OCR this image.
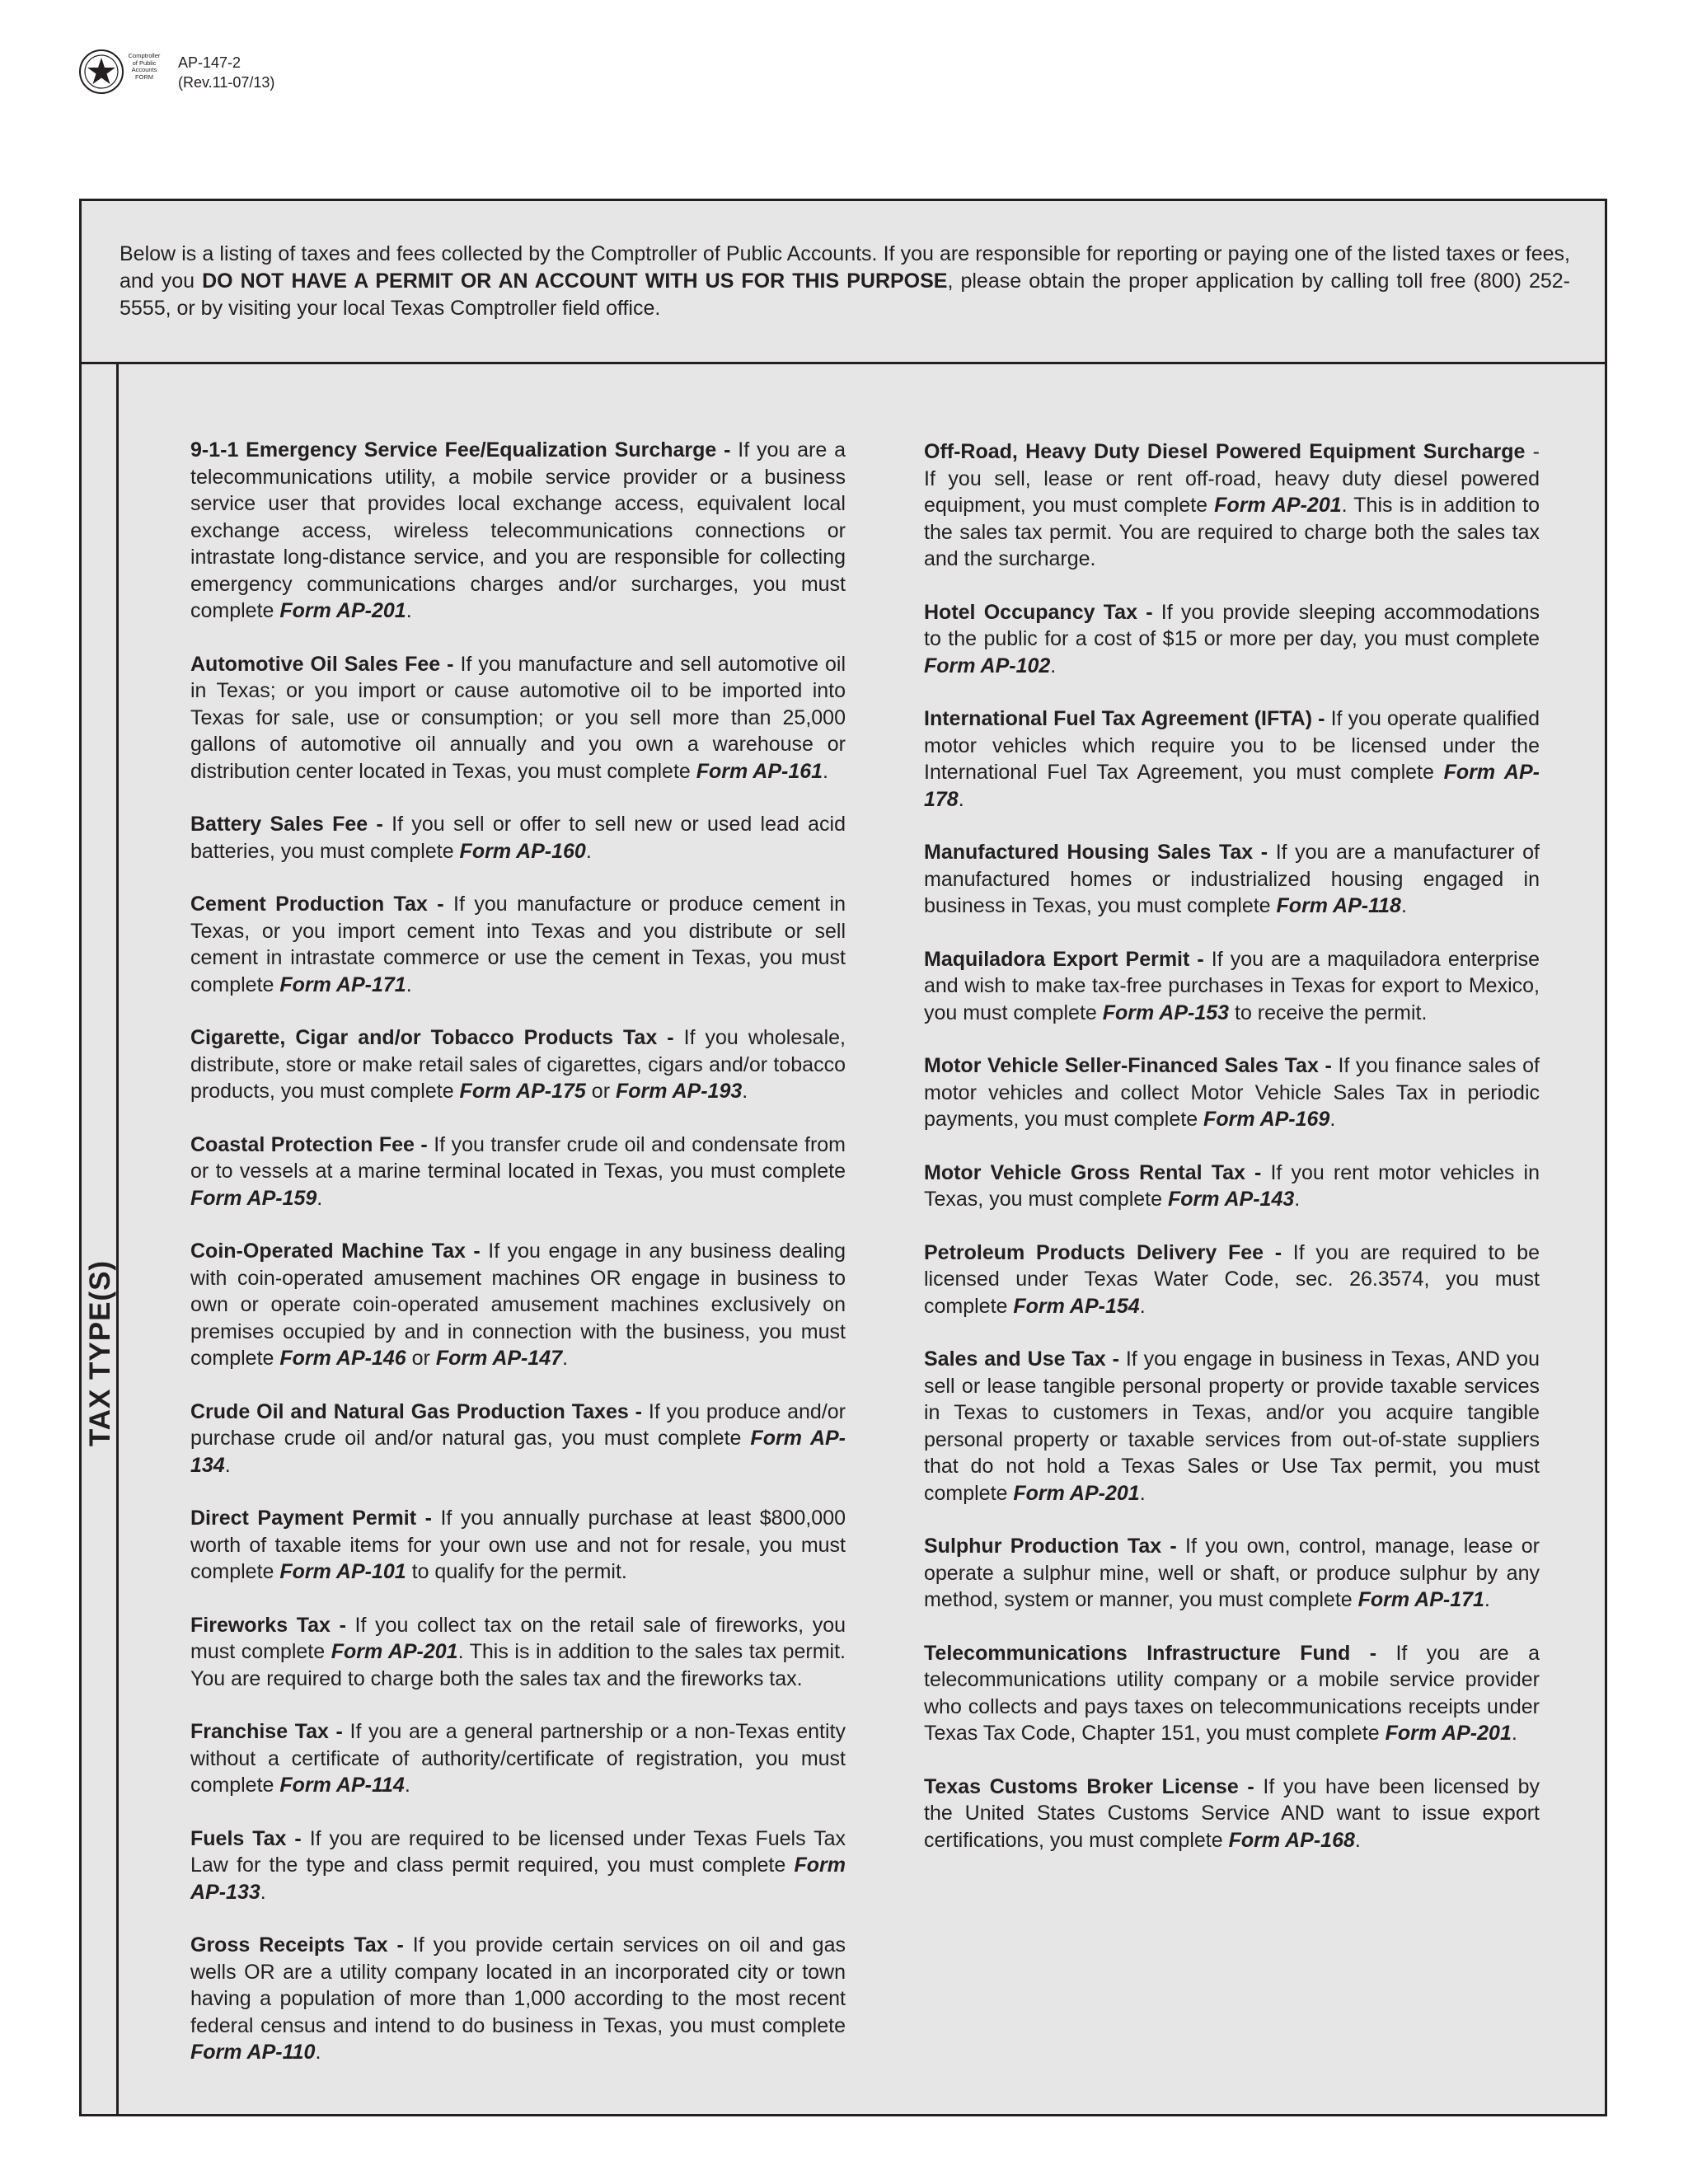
Comptroller
of Public
Accounts
FORM
AP-147-2
(Rev.11-07/13)
Below is a listing of taxes and fees collected by the Comptroller of Public Accounts. If you are responsible for reporting or paying one of the listed taxes or fees, and you DO NOT HAVE A PERMIT OR AN ACCOUNT WITH US FOR THIS PURPOSE, please obtain the proper application by calling toll free (800) 252-5555, or by visiting your local Texas Comptroller field office.
TAX TYPE(S)

9-1-1 Emergency Service Fee/Equalization Surcharge - If you are a telecommunications utility, a mobile service provider or a business service user that provides local exchange access, equivalent local exchange access, wireless telecommunications connections or intrastate long-distance service, and you are responsible for collecting emergency communications charges and/or surcharges, you must complete Form AP-201.

Automotive Oil Sales Fee - If you manufacture and sell automotive oil in Texas; or you import or cause automotive oil to be imported into Texas for sale, use or consumption; or you sell more than 25,000 gallons of automotive oil annually and you own a warehouse or distribution center located in Texas, you must complete Form AP-161.

Battery Sales Fee - If you sell or offer to sell new or used lead acid batteries, you must complete Form AP-160.

Cement Production Tax - If you manufacture or produce cement in Texas, or you import cement into Texas and you distribute or sell cement in intrastate commerce or use the cement in Texas, you must complete Form AP-171.

Cigarette, Cigar and/or Tobacco Products Tax - If you wholesale, distribute, store or make retail sales of cigarettes, cigars and/or tobacco products, you must complete Form AP-175 or Form AP-193.

Coastal Protection Fee - If you transfer crude oil and condensate from or to vessels at a marine terminal located in Texas, you must complete Form AP-159.

Coin-Operated Machine Tax - If you engage in any business dealing with coin-operated amusement machines OR engage in business to own or operate coin-operated amusement machines exclusively on premises occupied by and in connection with the business, you must complete Form AP-146 or Form AP-147.

Crude Oil and Natural Gas Production Taxes - If you produce and/or purchase crude oil and/or natural gas, you must complete Form AP-134.

Direct Payment Permit - If you annually purchase at least $800,000 worth of taxable items for your own use and not for resale, you must complete Form AP-101 to qualify for the permit.

Fireworks Tax - If you collect tax on the retail sale of fireworks, you must complete Form AP-201. This is in addition to the sales tax permit. You are required to charge both the sales tax and the fireworks tax.

Franchise Tax - If you are a general partnership or a non-Texas entity without a certificate of authority/certificate of registration, you must complete Form AP-114.

Fuels Tax - If you are required to be licensed under Texas Fuels Tax Law for the type and class permit required, you must complete Form AP-133.

Gross Receipts Tax - If you provide certain services on oil and gas wells OR are a utility company located in an incorporated city or town having a population of more than 1,000 according to the most recent federal census and intend to do business in Texas, you must complete Form AP-110.

Off-Road, Heavy Duty Diesel Powered Equipment Surcharge - If you sell, lease or rent off-road, heavy duty diesel powered equipment, you must complete Form AP-201. This is in addition to the sales tax permit. You are required to charge both the sales tax and the surcharge.

Hotel Occupancy Tax - If you provide sleeping accommodations to the public for a cost of $15 or more per day, you must complete Form AP-102.

International Fuel Tax Agreement (IFTA) - If you operate qualified motor vehicles which require you to be licensed under the International Fuel Tax Agreement, you must complete Form AP-178.

Manufactured Housing Sales Tax - If you are a manufacturer of manufactured homes or industrialized housing engaged in business in Texas, you must complete Form AP-118.

Maquiladora Export Permit - If you are a maquiladora enterprise and wish to make tax-free purchases in Texas for export to Mexico, you must complete Form AP-153 to receive the permit.

Motor Vehicle Seller-Financed Sales Tax - If you finance sales of motor vehicles and collect Motor Vehicle Sales Tax in periodic payments, you must complete Form AP-169.

Motor Vehicle Gross Rental Tax - If you rent motor vehicles in Texas, you must complete Form AP-143.

Petroleum Products Delivery Fee - If you are required to be licensed under Texas Water Code, sec. 26.3574, you must complete Form AP-154.

Sales and Use Tax - If you engage in business in Texas, AND you sell or lease tangible personal property or provide taxable services in Texas to customers in Texas, and/or you acquire tangible personal property or taxable services from out-of-state suppliers that do not hold a Texas Sales or Use Tax permit, you must complete Form AP-201.

Sulphur Production Tax - If you own, control, manage, lease or operate a sulphur mine, well or shaft, or produce sulphur by any method, system or manner, you must complete Form AP-171.

Telecommunications Infrastructure Fund - If you are a telecommunications utility company or a mobile service provider who collects and pays taxes on telecommunications receipts under Texas Tax Code, Chapter 151, you must complete Form AP-201.

Texas Customs Broker License - If you have been licensed by the United States Customs Service AND want to issue export certifications, you must complete Form AP-168.
